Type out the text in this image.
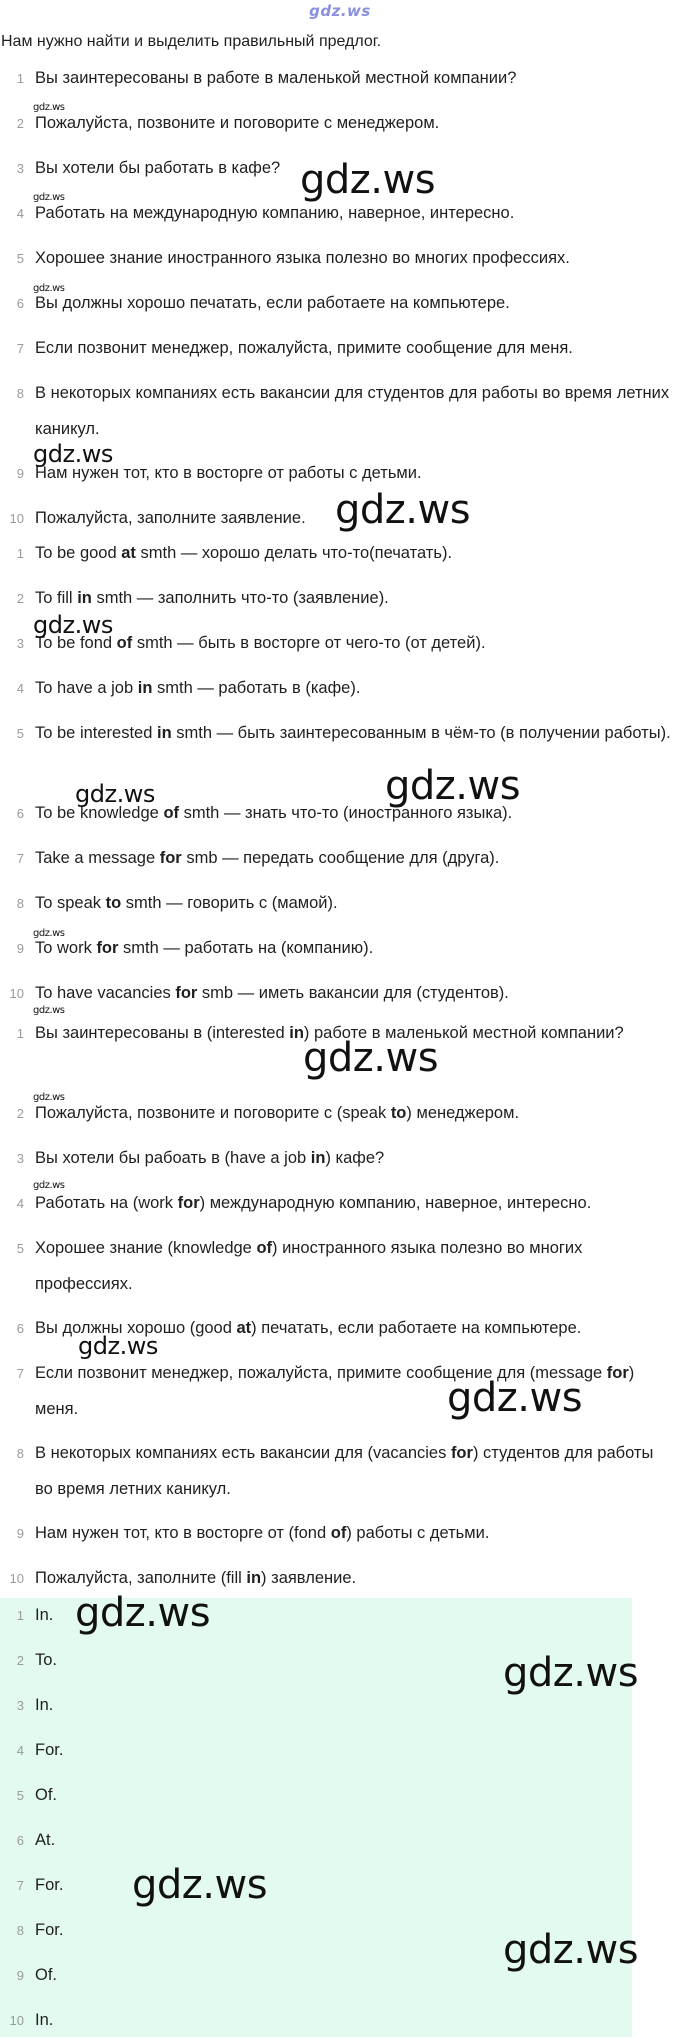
gdz.ws
Нам нужно найти и выделить правильный предлог.
1 Вы заинтересованы в работе в маленькой местной компании?
2 Пожалуйста, позвоните и поговорите с менеджером.
3 Вы хотели бы работать в кафе?
4 Работать на международную компанию, наверное, интересно.
5 Хорошее знание иностранного языка полезно во многих профессиях.
6 Вы должны хорошо печатать, если работаете на компьютере.
7 Если позвонит менеджер, пожалуйста, примите сообщение для меня.
8 В некоторых компаниях есть вакансии для студентов для работы во время летних каникул.
9 Нам нужен тот, кто в восторге от работы с детьми.
10 Пожалуйста, заполните заявление.
1 To be good at smth — хорошо делать что-то(печатать).
2 To fill in smth — заполнить что-то (заявление).
3 To be fond of smth — быть в восторге от чего-то (от детей).
4 To have a job in smth — работать в (кафе).
5 To be interested in smth — быть заинтересованным в чём-то (в получении работы).
6 To be knowledge of smth — знать что-то (иностранного языка).
7 Take a message for smb — передать сообщение для (друга).
8 To speak to smth — говорить с (мамой).
9 To work for smth — работать на (компанию).
10 To have vacancies for smb — иметь вакансии для (студентов).
1 Вы заинтересованы в (interested in) работе в маленькой местной компании?
2 Пожалуйста, позвоните и поговорите с (speak to) менеджером.
3 Вы хотели бы рабоать в (have a job in) кафе?
4 Работать на (work for) международную компанию, наверное, интересно.
5 Хорошее знание (knowledge of) иностранного языка полезно во многих профессиях.
6 Вы должны хорошо (good at) печатать, если работаете на компьютере.
7 Если позвонит менеджер, пожалуйста, примите сообщение для (message for) меня.
8 В некоторых компаниях есть вакансии для (vacancies for) студентов для работы во время летних каникул.
9 Нам нужен тот, кто в восторге от (fond of) работы с детьми.
10 Пожалуйста, заполните (fill in) заявление.
1 In.
2 To.
3 In.
4 For.
5 Of.
6 At.
7 For.
8 For.
9 Of.
10 In.
gdz.ws
gdz.ws
gdz.ws
gdz.ws
gdz.ws
gdz.ws
gdz.ws
gdz.ws
gdz.ws
gdz.ws
gdz.ws
gdz.ws
gdz.ws
gdz.ws
gdz.ws
gdz.ws
gdz.ws
gdz.ws
gdz.ws
gdz.ws
